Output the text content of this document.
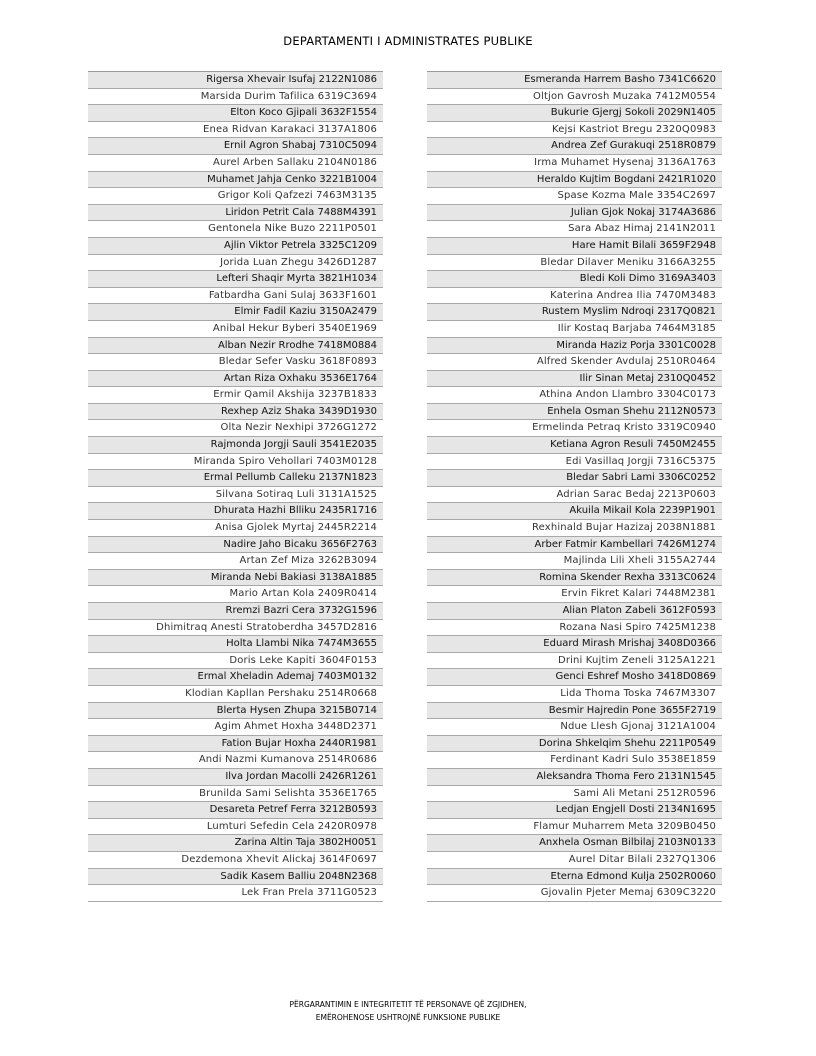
DEPARTAMENTI I ADMINISTRATES PUBLIKE
Rigersa Xhevair Isufaj 2122N1086
Marsida Durim Tafilica 6319C3694
Elton Koco Gjipali 3632F1554
Enea Ridvan Karakaci 3137A1806
Ernil Agron Shabaj 7310C5094
Aurel Arben Sallaku 2104N0186
Muhamet Jahja Cenko 3221B1004
Grigor Koli Qafzezi 7463M3135
Liridon Petrit Cala 7488M4391
Gentonela Nike Buzo 2211P0501
Ajlin Viktor Petrela 3325C1209
Jorida Luan Zhegu 3426D1287
Lefteri Shaqir Myrta 3821H1034
Fatbardha Gani Sulaj 3633F1601
Elmir Fadil Kaziu 3150A2479
Anibal Hekur Byberi 3540E1969
Alban Nezir Rrodhe 7418M0884
Bledar Sefer Vasku 3618F0893
Artan Riza Oxhaku 3536E1764
Ermir Qamil Akshija 3237B1833
Rexhep Aziz Shaka 3439D1930
Olta Nezir Nexhipi 3726G1272
Rajmonda Jorgji Sauli 3541E2035
Miranda Spiro Vehollari 7403M0128
Ermal Pellumb Calleku 2137N1823
Silvana Sotiraq Luli 3131A1525
Dhurata Hazhi Blliku 2435R1716
Anisa Gjolek Myrtaj 2445R2214
Nadire Jaho Bicaku 3656F2763
Artan Zef Miza 3262B3094
Miranda Nebi Bakiasi 3138A1885
Mario Artan Kola 2409R0414
Rremzi Bazri Cera 3732G1596
Dhimitraq Anesti Stratoberdha 3457D2816
Holta Llambi Nika 7474M3655
Doris Leke Kapiti 3604F0153
Ermal Xheladin Ademaj 7403M0132
Klodian Kapllan Pershaku 2514R0668
Blerta Hysen Zhupa 3215B0714
Agim Ahmet Hoxha 3448D2371
Fation Bujar Hoxha 2440R1981
Andi Nazmi Kumanova 2514R0686
Ilva Jordan Macolli 2426R1261
Brunilda Sami Selishta 3536E1765
Desareta Petref Ferra 3212B0593
Lumturi Sefedin Cela 2420R0978
Zarina Altin Taja 3802H0051
Dezdemona Xhevit Alickaj 3614F0697
Sadik Kasem Balliu 2048N2368
Lek Fran Prela 3711G0523
Esmeranda Harrem Basho 7341C6620
Oltjon Gavrosh Muzaka 7412M0554
Bukurie Gjergj Sokoli 2029N1405
Kejsi Kastriot Bregu 2320Q0983
Andrea Zef Gurakuqi 2518R0879
Irma Muhamet Hysenaj 3136A1763
Heraldo Kujtim Bogdani 2421R1020
Spase Kozma Male 3354C2697
Julian Gjok Nokaj 3174A3686
Sara Abaz Himaj 2141N2011
Hare Hamit Bilali 3659F2948
Bledar Dilaver Meniku 3166A3255
Bledi Koli Dimo 3169A3403
Katerina Andrea Ilia 7470M3483
Rustem Myslim Ndroqi 2317Q0821
Ilir Kostaq Barjaba 7464M3185
Miranda Haziz Porja 3301C0028
Alfred Skender Avdulaj 2510R0464
Ilir Sinan Metaj 2310Q0452
Athina Andon Llambro 3304C0173
Enhela Osman Shehu 2112N0573
Ermelinda Petraq Kristo 3319C0940
Ketiana Agron Resuli 7450M2455
Edi Vasillaq Jorgji 7316C5375
Bledar Sabri Lami 3306C0252
Adrian Sarac Bedaj 2213P0603
Akuila Mikail Kola 2239P1901
Rexhinald Bujar Hazizaj 2038N1881
Arber Fatmir Kambellari 7426M1274
Majlinda Lili Xheli 3155A2744
Romina Skender Rexha 3313C0624
Ervin Fikret Kalari 7448M2381
Alian Platon Zabeli 3612F0593
Rozana Nasi Spiro 7425M1238
Eduard Mirash Mrishaj 3408D0366
Drini Kujtim Zeneli 3125A1221
Genci Eshref Mosho 3418D0869
Lida Thoma Toska 7467M3307
Besmir Hajredin Pone 3655F2719
Ndue Llesh Gjonaj 3121A1004
Dorina Shkelqim Shehu 2211P0549
Ferdinant Kadri Sulo 3538E1859
Aleksandra Thoma Fero 2131N1545
Sami Ali Metani 2512R0596
Ledjan Engjell Dosti 2134N1695
Flamur Muharrem Meta 3209B0450
Anxhela Osman Bilbilaj 2103N0133
Aurel Ditar Bilali 2327Q1306
Eterna Edmond Kulja 2502R0060
Gjovalin Pjeter Memaj 6309C3220
PËRGARANTIMIN E INTEGRITETIT TË PERSONAVE QË ZGJIDHEN,
EMËROHENOSE USHTROJNË FUNKSIONE PUBLIKE
